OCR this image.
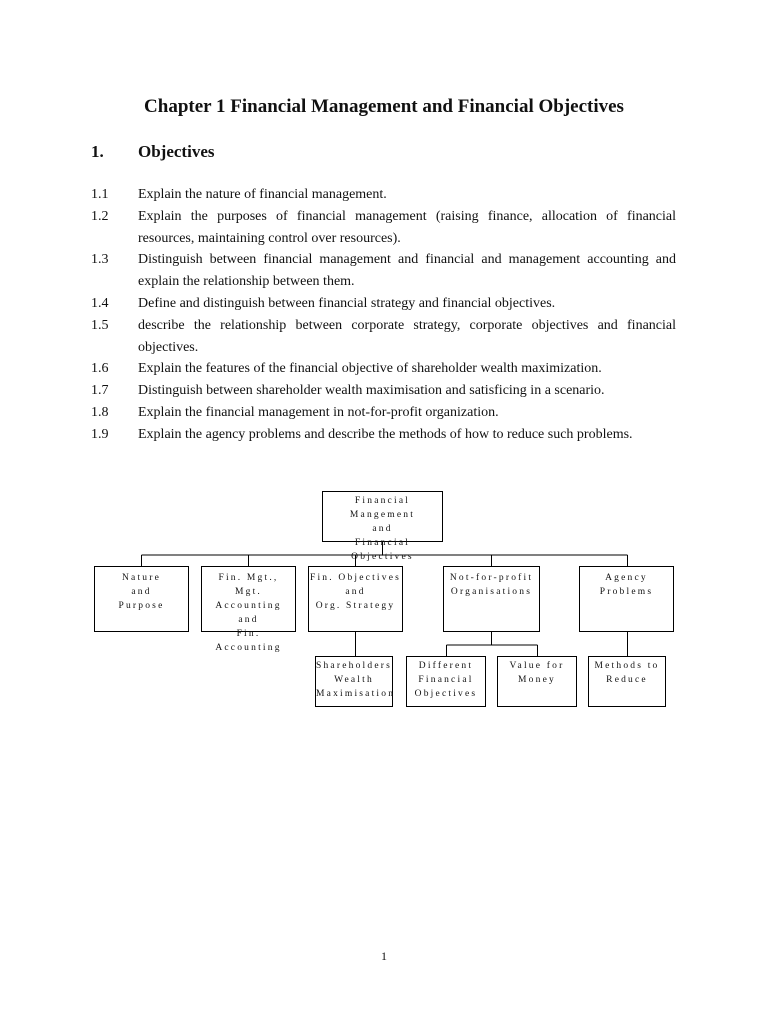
Chapter 1 Financial Management and Financial Objectives
1. Objectives
1.1	Explain the nature of financial management.
1.2	Explain the purposes of financial management (raising finance, allocation of financial resources, maintaining control over resources).
1.3	Distinguish between financial management and financial and management accounting and explain the relationship between them.
1.4	Define and distinguish between financial strategy and financial objectives.
1.5	describe the relationship between corporate strategy, corporate objectives and financial objectives.
1.6	Explain the features of the financial objective of shareholder wealth maximization.
1.7	Distinguish between shareholder wealth maximisation and satisficing in a scenario.
1.8	Explain the financial management in not-for-profit organization.
1.9	Explain the agency problems and describe the methods of how to reduce such problems.
Financial Mangement
and
Financial Objectives
Nature
and
Purpose
Fin. Mgt.,
Mgt. Accounting
and
Fin. Accounting
Fin. Objectives
and
Org. Strategy
Not-for-profit
Organisations
Agency
Problems
Shareholders
Wealth
Maximisation
Different
Financial
Objectives
Value for
Money
Methods to
Reduce
1
